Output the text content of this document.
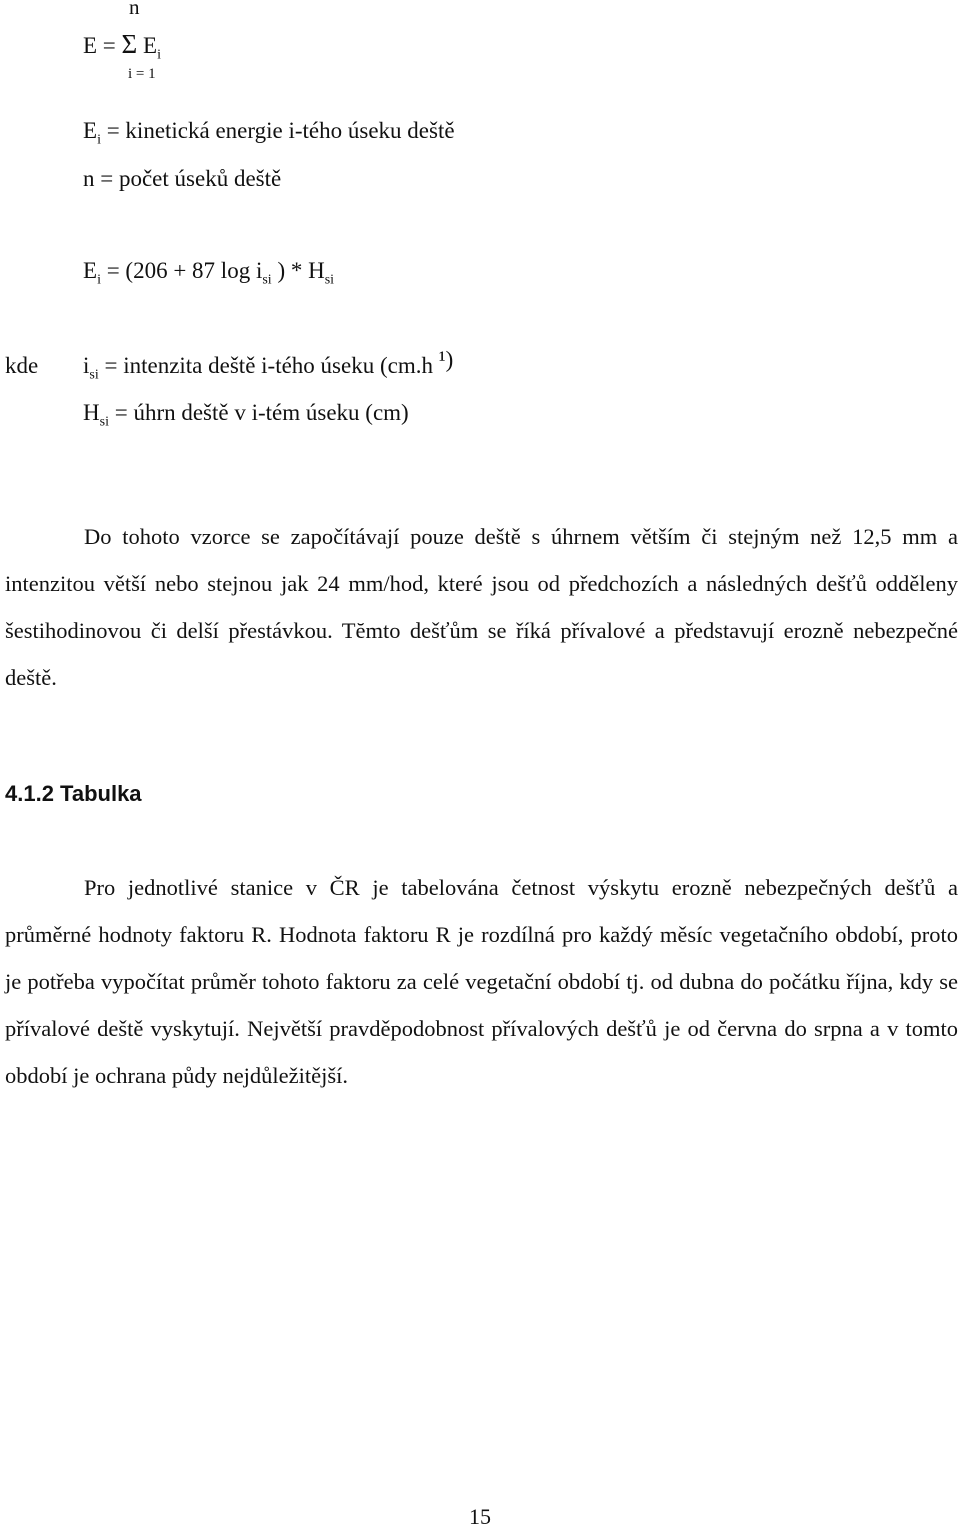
n
E = Σ $E_i$
i = 1
$E_i$ = kinetická energie i-tého úseku deště
n = počet úseků deště
$E_i = (206 + 87$ $\log i_{si}$ ) * $H_{si}$
kde $i_{si}$ = intenzita deště i-tého úseku (cm.h ¹)
$H_{si}$ = úhrn deště v i-tém úseku (cm)

Do tohoto vzorce se započítávají pouze deště s úhrnem větším či stejným než 12,5 mm a intenzitou větší nebo stejnou jak 24 mm/hod, které jsou od předchozích a následných dešťů odděleny šestihodinovou či delší přestávkou. Tĕmto dešťům se říká přívalové a představují erozně nebezpečné deště.

4.1.2 Tabulka

Pro jednotlivé stanice v ČR je tabelována četnost výskytu erozně nebezpečných dešťů a průměrné hodnoty faktoru R. Hodnota faktoru R je rozdílná pro každý měsíc vegetačního období, proto je potřeba vypočítat průměr tohoto faktoru za celé vegetační období tj. od dubna do počátku října, kdy se přívalové deště vyskytují. Největší pravděpodobnost přívalových dešťů je od června do srpna a v tomto období je ochrana půdy nejdůležitější.

15
